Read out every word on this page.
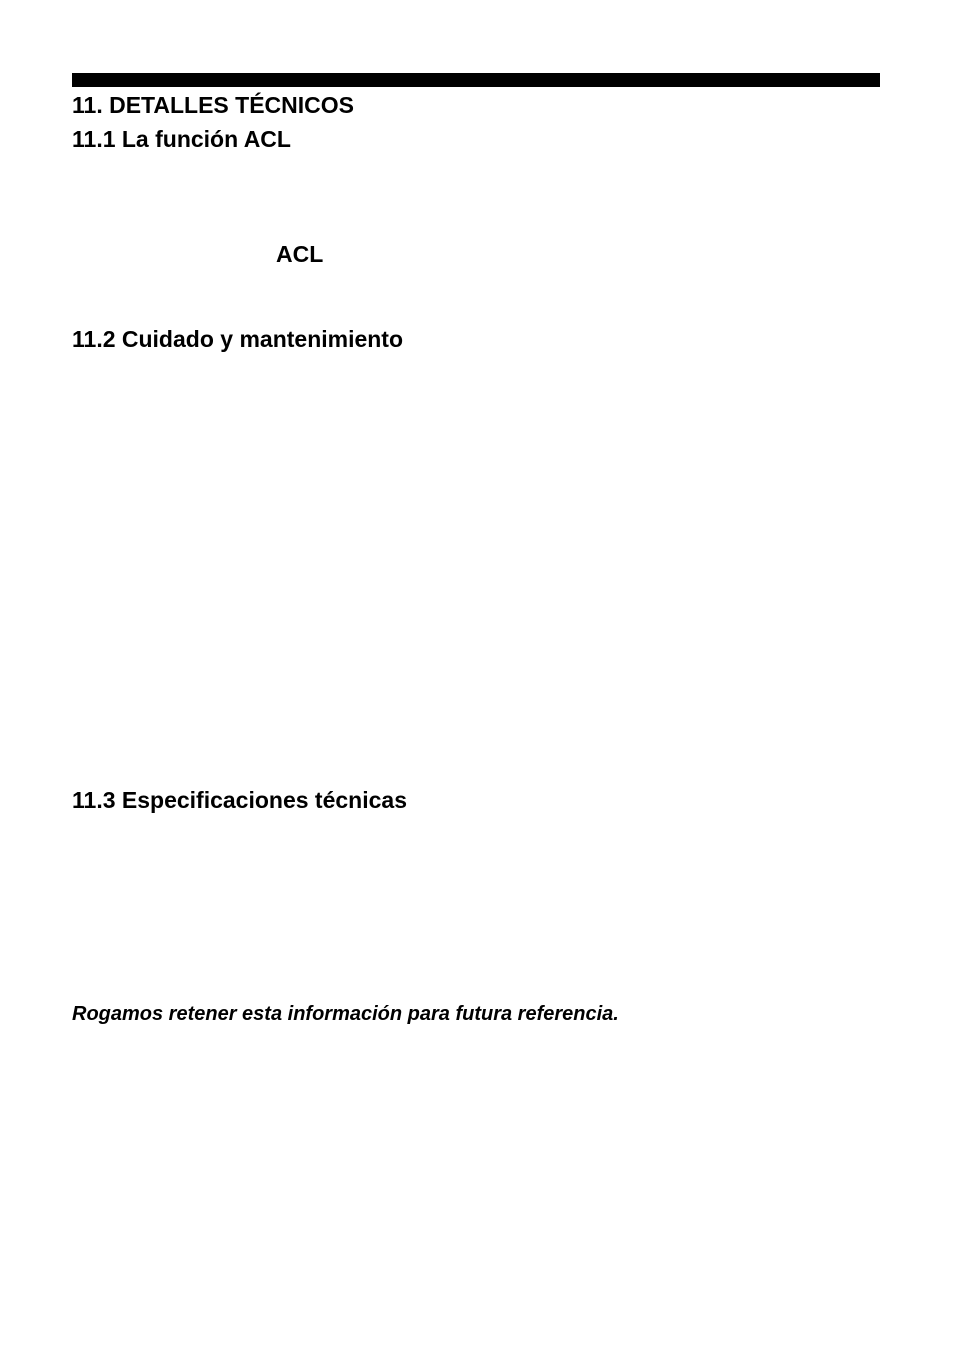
11. DETALLES TÉCNICOS
11.1 La función ACL
ACL
11.2 Cuidado y mantenimiento
11.3 Especificaciones técnicas

Rogamos retener esta información para futura referencia.
